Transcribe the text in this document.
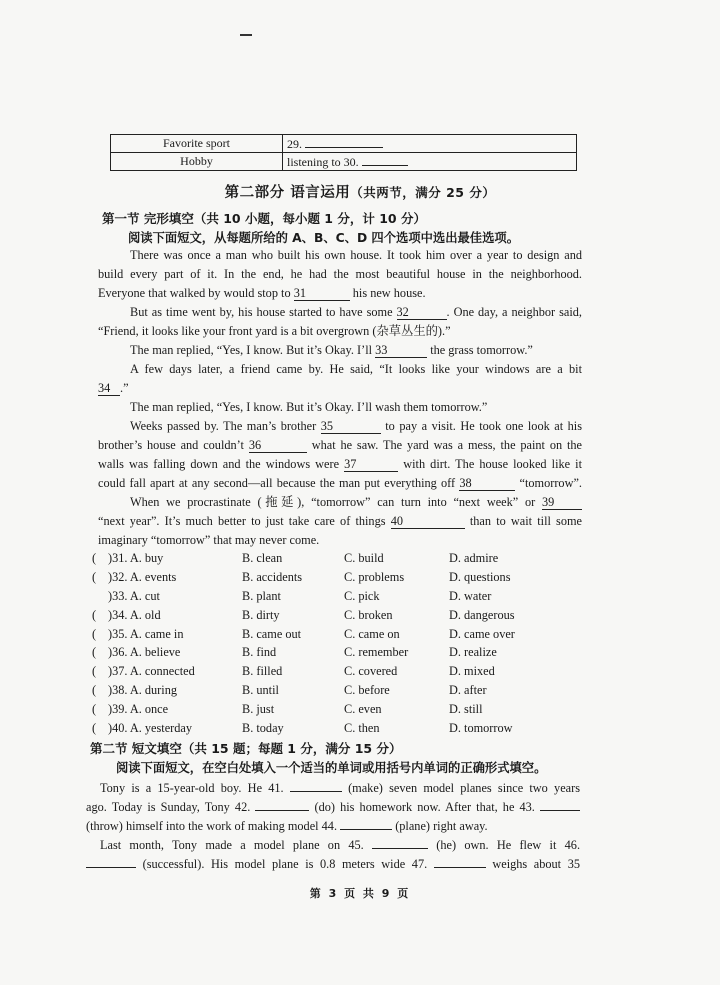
Favorite sport	29.
Hobby	listening to 30.
第二部分 语言运用（共两节，满分 25 分）
第一节 完形填空（共 10 小题，每小题 1 分，计 10 分）
阅读下面短文，从每题所给的 A、B、C、D 四个选项中选出最佳选项。
There was once a man who built his own house. It took him over a year to design and
build every part of it. In the end, he had the most beautiful house in the neighborhood.
Everyone that walked by would stop to 31	his new house.
But as time went by, his house started to have some 32	. One day, a neighbor said,
“Friend, it looks like your front yard is a bit overgrown (杂草丛生的).”
The man replied, “Yes, I know. But it’s Okay. I’ll 33	the grass tomorrow.”
A few days later, a friend came by. He said, “It looks like your windows are a bit
34 .”
The man replied, “Yes, I know. But it’s Okay. I’ll wash them tomorrow.”
Weeks passed by. The man’s brother 35	to pay a visit. He took one look at his
brother’s house and couldn’t 36	what he saw. The yard was a mess, the paint on the
walls was falling down and the windows were 37	with dirt. The house looked like it
could fall apart at any second—all because the man put everything off 38	“tomorrow”.
When we procrastinate (拖延), “tomorrow” can turn into “next week” or 39
“next year”. It’s much better to just take care of things 40	than to wait till some
imaginary “tomorrow” that may never come.
( )31. A. buy	B. clean	C. build	D. admire
( )32. A. events	B. accidents	C. problems	D. questions
)33. A. cut	B. plant	C. pick	D. water
( )34. A. old	B. dirty	C. broken	D. dangerous
( )35. A. came in	B. came out	C. came on	D. came over
( )36. A. believe	B. find	C. remember	D. realize
( )37. A. connected	B. filled	C. covered	D. mixed
( )38. A. during	B. until	C. before	D. after
( )39. A. once	B. just	C. even	D. still
( )40. A. yesterday	B. today	C. then	D. tomorrow
第二节 短文填空（共 15 题；每题 1 分，满分 15 分）
阅读下面短文，在空白处填入一个适当的单词或用括号内单词的正确形式填空。
Tony is a 15-year-old boy. He 41.	(make) seven model planes since two years
ago. Today is Sunday, Tony 42.	(do) his homework now. After that, he 43.
(throw) himself into the work of making model 44.	(plane) right away.
Last month, Tony made a model plane on 45.	(he) own. He flew it 46.
(successful). His model plane is 0.8 meters wide 47.	weighs about 35
第 3 页 共 9 页
